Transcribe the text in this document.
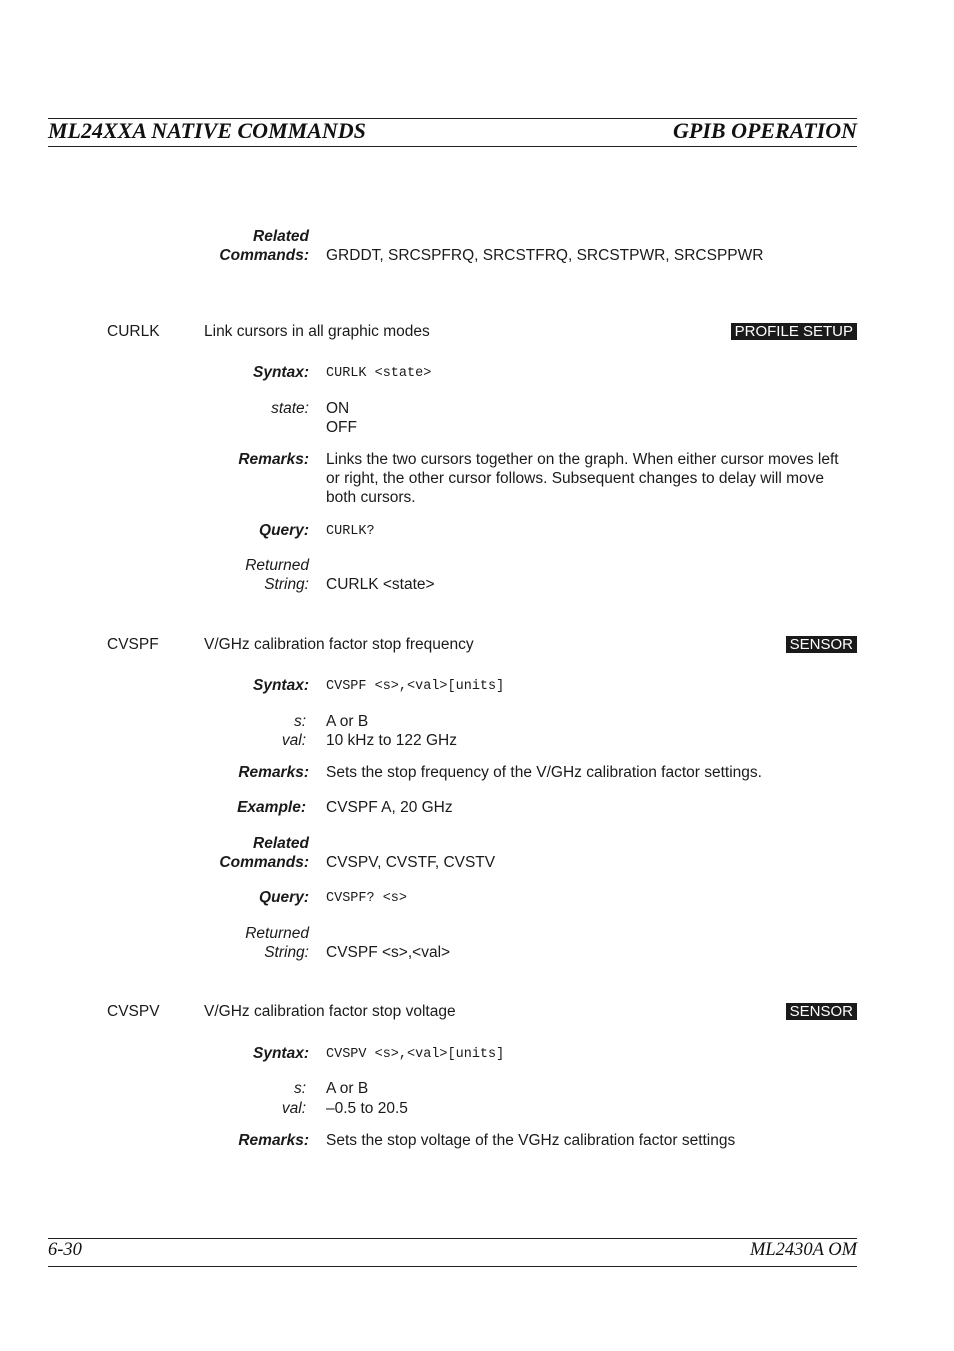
ML24XXA NATIVE COMMANDS	GPIB OPERATION
Related
Commands: GRDDT, SRCSPFRQ, SRCSTFRQ, SRCSTPWR, SRCSPPWR
CURLK	Link cursors in all graphic modes	PROFILE SETUP
Syntax: CURLK <state>
state: ON
OFF
Remarks: Links the two cursors together on the graph. When either cursor moves left
or right, the other cursor follows. Subsequent changes to delay will move
both cursors.
Query: CURLK?
Returned
String: CURLK <state>
CVSPF	V/GHz calibration factor stop frequency	SENSOR
Syntax: CVSPF <s>,<val>[units]
s: A or B
val: 10 kHz to 122 GHz
Remarks: Sets the stop frequency of the V/GHz calibration factor settings.
Example: CVSPF A, 20 GHz
Related
Commands: CVSPV, CVSTF, CVSTV
Query: CVSPF? <s>
Returned
String: CVSPF <s>,<val>
CVSPV	V/GHz calibration factor stop voltage	SENSOR
Syntax: CVSPV <s>,<val>[units]
s: A or B
val: –0.5 to 20.5
Remarks: Sets the stop voltage of the VGHz calibration factor settings
6-30	ML2430A OM
